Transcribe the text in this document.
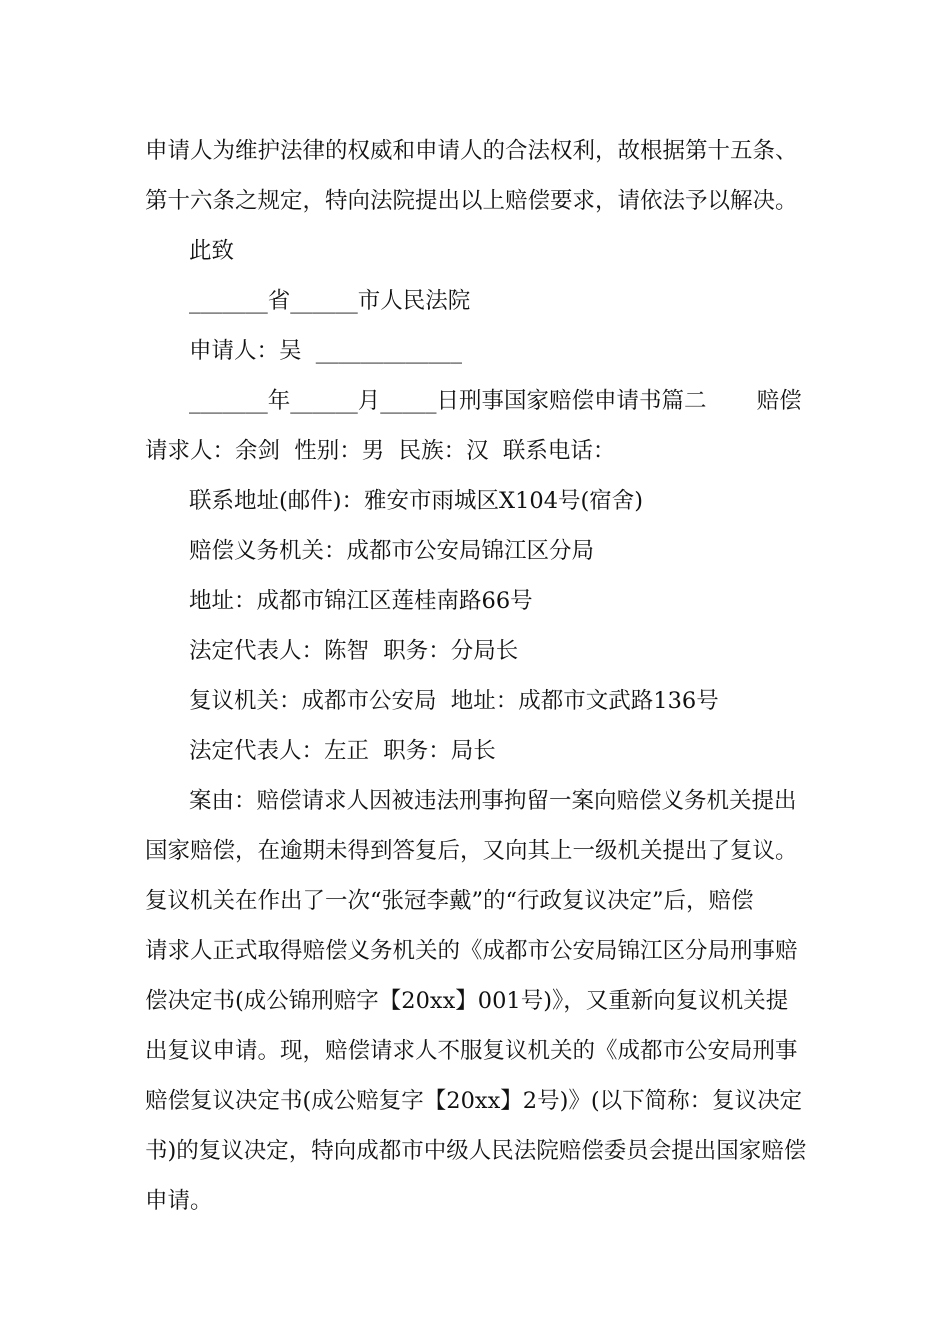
申请人为维护法律的权威和申请人的合法权利，故根据第十五条、
第十六条之规定，特向法院提出以上赔偿要求，请依法予以解决。
此致
_______省______市人民法院
申请人：吴  _____________
_______年______月_____日刑事国家赔偿申请书篇二       赔偿
请求人：余剑  性别：男  民族：汉  联系电话：
联系地址(邮件)：雅安市雨城区X104号(宿舍)
赔偿义务机关：成都市公安局锦江区分局
地址：成都市锦江区莲桂南路66号
法定代表人：陈智  职务：分局长
复议机关：成都市公安局  地址：成都市文武路136号
法定代表人：左正  职务：局长
案由：赔偿请求人因被违法刑事拘留一案向赔偿义务机关提出
国家赔偿，在逾期未得到答复后，又向其上一级机关提出了复议。
复议机关在作出了一次“张冠李戴”的“行政复议决定”后，赔偿
请求人正式取得赔偿义务机关的《成都市公安局锦江区分局刑事赔
偿决定书(成公锦刑赔字【20xx】001号)》，又重新向复议机关提
出复议申请。现，赔偿请求人不服复议机关的《成都市公安局刑事
赔偿复议决定书(成公赔复字【20xx】2号)》(以下简称：复议决定
书)的复议决定，特向成都市中级人民法院赔偿委员会提出国家赔偿
申请。
